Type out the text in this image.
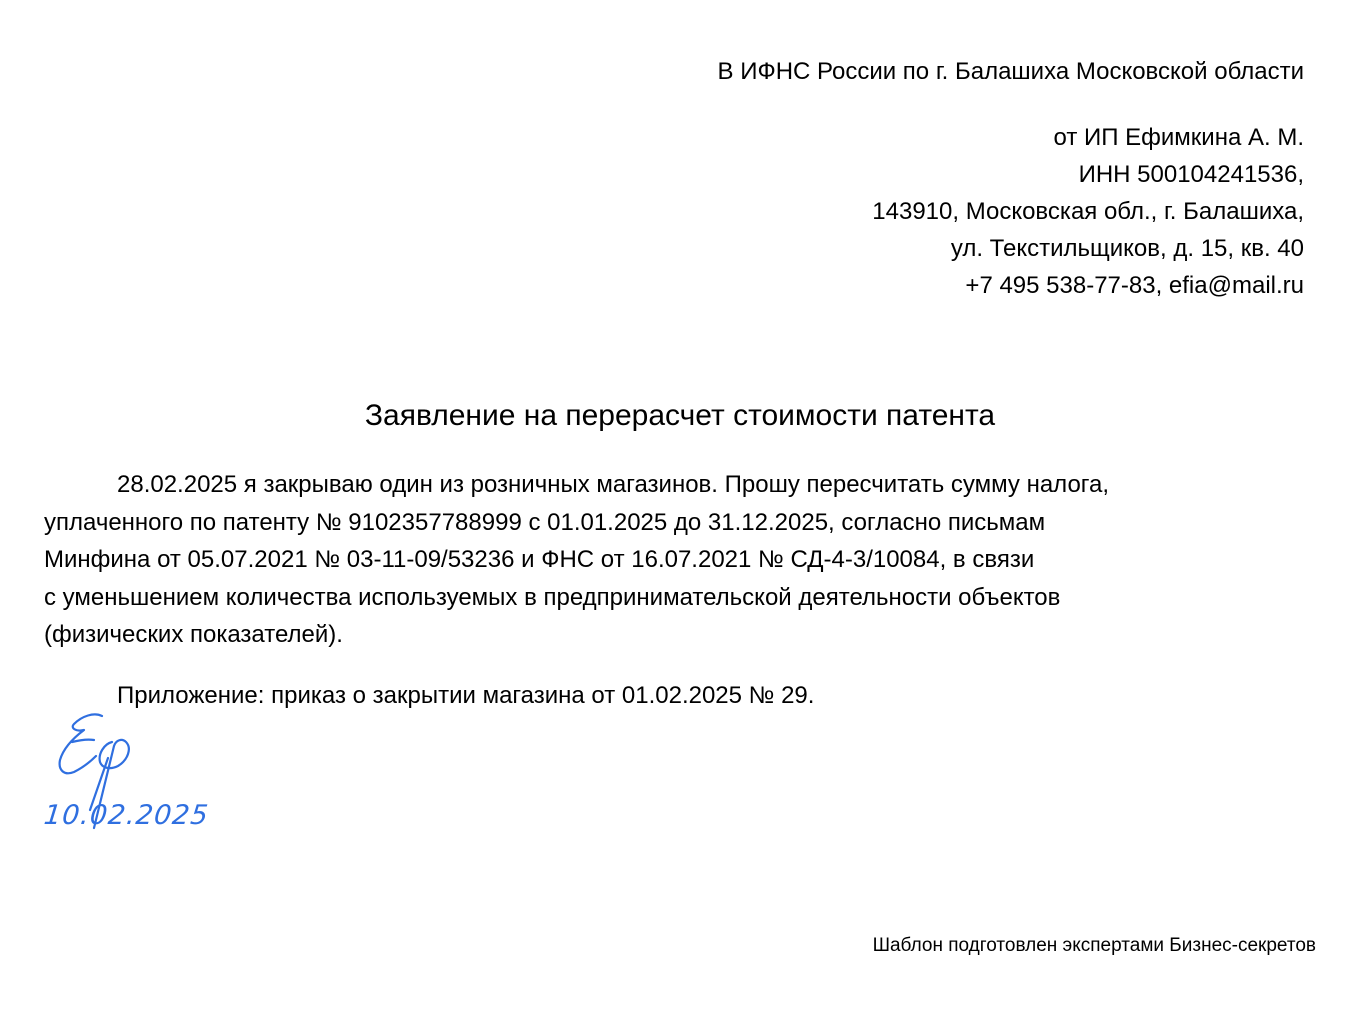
В ИФНС России по г. Балашиха Московской области
от ИП Ефимкина А. М.
ИНН 500104241536,
143910, Московская обл., г. Балашиха,
ул. Текстильщиков, д. 15, кв. 40
+7 495 538-77-83, efia@mail.ru
Заявление на перерасчет стоимости патента
28.02.2025 я закрываю один из розничных магазинов. Прошу пересчитать сумму налога,
уплаченного по патенту № 9102357788999 с 01.01.2025 до 31.12.2025, согласно письмам
Минфина от 05.07.2021 № 03-11-09/53236 и ФНС от 16.07.2021 № СД-4-3/10084, в связи
с уменьшением количества используемых в предпринимательской деятельности объектов
(физических показателей).
Приложение: приказ о закрытии магазина от 01.02.2025 № 29.
10.02.2025
Шаблон подготовлен экспертами Бизнес-секретов
